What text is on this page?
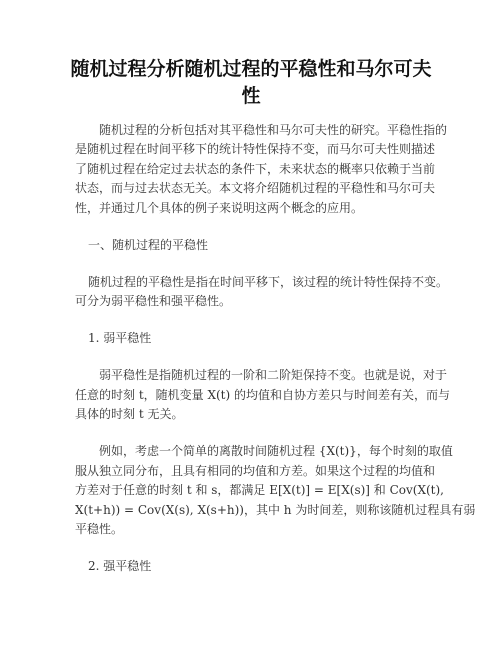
随机过程分析随机过程的平稳性和马尔可夫
性
随机过程的分析包括对其平稳性和马尔可夫性的研究。平稳性指的
是随机过程在时间平移下的统计特性保持不变，而马尔可夫性则描述
了随机过程在给定过去状态的条件下，未来状态的概率只依赖于当前
状态，而与过去状态无关。本文将介绍随机过程的平稳性和马尔可夫
性，并通过几个具体的例子来说明这两个概念的应用。
一、随机过程的平稳性
随机过程的平稳性是指在时间平移下，该过程的统计特性保持不变。
可分为弱平稳性和强平稳性。
1. 弱平稳性
弱平稳性是指随机过程的一阶和二阶矩保持不变。也就是说，对于
任意的时刻 t，随机变量 X(t) 的均值和自协方差只与时间差有关，而与
具体的时刻 t 无关。
例如，考虑一个简单的离散时间随机过程 {X(t)}，每个时刻的取值
服从独立同分布，且具有相同的均值和方差。如果这个过程的均值和
方差对于任意的时刻 t 和 s，都满足 E[X(t)] = E[X(s)] 和 Cov(X(t),
X(t+h)) = Cov(X(s), X(s+h))，其中 h 为时间差，则称该随机过程具有弱
平稳性。
2. 强平稳性
